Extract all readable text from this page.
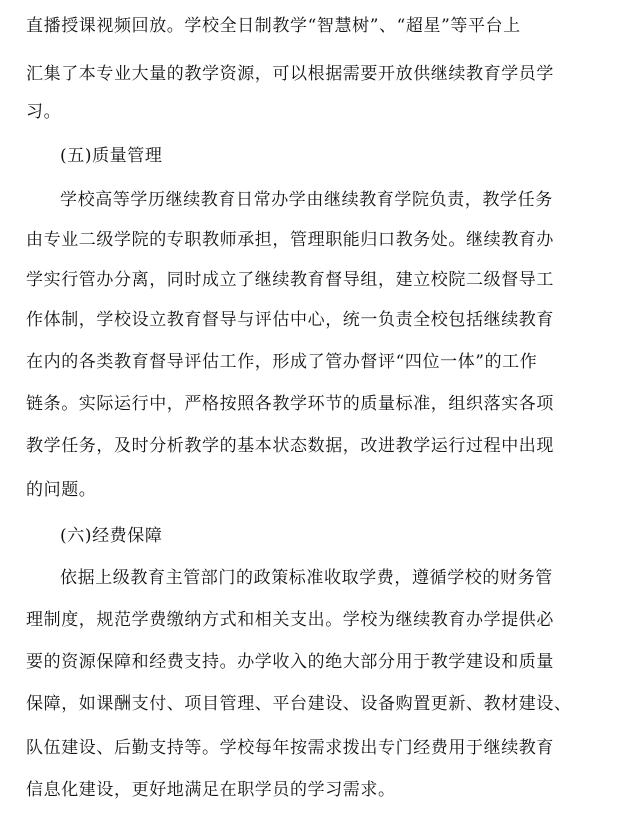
直播授课视频回放。学校全日制教学“智慧树”、“超星”等平台上
汇集了本专业大量的教学资源，可以根据需要开放供继续教育学员学
习。
(五)质量管理
学校高等学历继续教育日常办学由继续教育学院负责，教学任务
由专业二级学院的专职教师承担，管理职能归口教务处。继续教育办
学实行管办分离，同时成立了继续教育督导组，建立校院二级督导工
作体制，学校设立教育督导与评估中心，统一负责全校包括继续教育
在内的各类教育督导评估工作，形成了管办督评“四位一体”的工作
链条。实际运行中，严格按照各教学环节的质量标准，组织落实各项
教学任务，及时分析教学的基本状态数据，改进教学运行过程中出现
的问题。
(六)经费保障
依据上级教育主管部门的政策标准收取学费，遵循学校的财务管
理制度，规范学费缴纳方式和相关支出。学校为继续教育办学提供必
要的资源保障和经费支持。办学收入的绝大部分用于教学建设和质量
保障，如课酬支付、项目管理、平台建设、设备购置更新、教材建设、
队伍建设、后勤支持等。学校每年按需求拨出专门经费用于继续教育
信息化建设，更好地满足在职学员的学习需求。
